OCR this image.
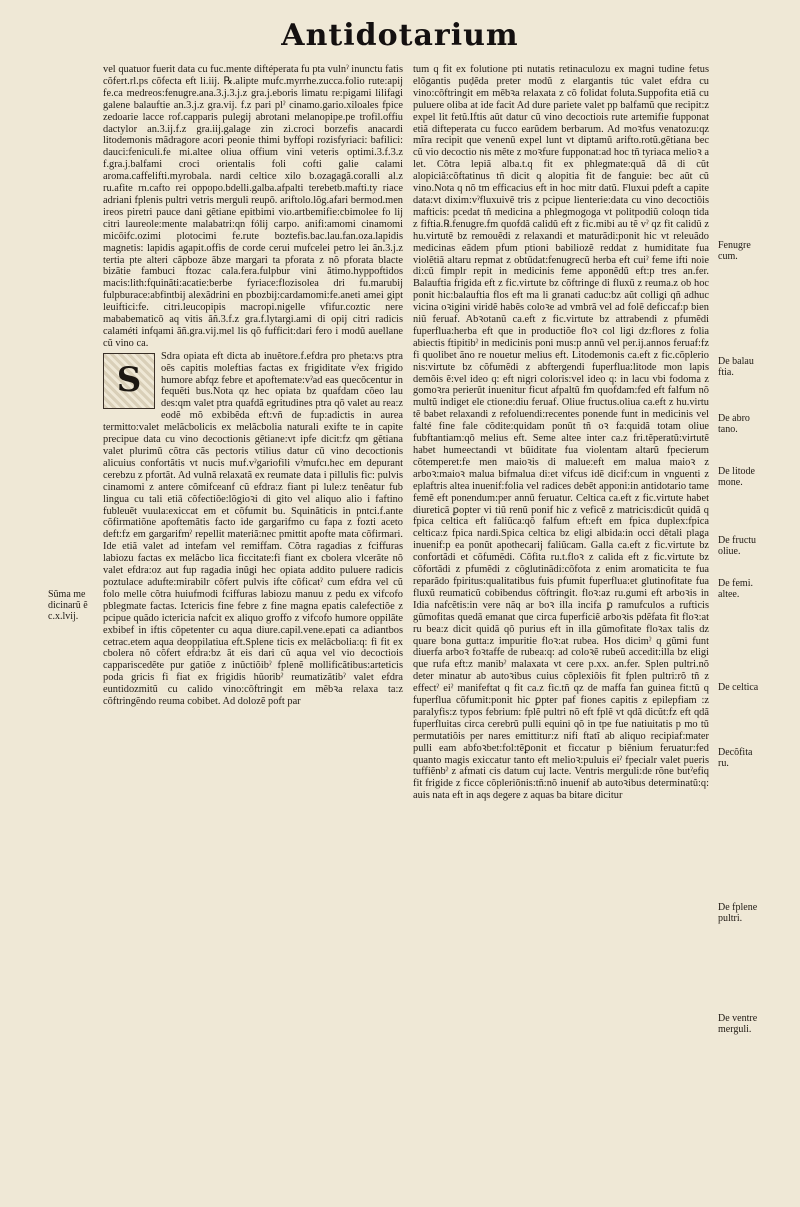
Antidotarium

vel quatuor fuerit data cu fuc.mente diftéperata fu pta vulnˀ inunctu fatis cõfert.rl.ps cõfecta eft li.iij. ℞.alipte mufc.myrrhe.zucca.folio rute:apij fe.ca medreos:fenugre.ana.3.j.3.j.z gra.j.eboris limatu re:pigami lilifagi galene balauftie an.3.j.z gra.vij. f.z pari plˀ cinamo.gario.xiloales fpice zedoarie lacce rof.capparis pulegij abrotani melanopipe.pe trofil.offiu dactylor an.3.ij.f.z gra.iij.galage zin zi.croci borzefis anacardi litodemonis mãdragore acori peonie thimi byffopi rozisfyriaci: bafilici: dauci:feniculi.fe mi.altee oliua offium vini veteris optimi.3.f.3.z f.gra.j.balfami croci orientalis foli cofti galie calami aroma.caffelifti.myrobala. nardi celtice xilo b.ozagagã.coralli al.z ru.afite rn.cafto rei oppopo.bdelli.galba.afpalti terebetb.mafti.ty riace adriani fplenis pultri vetris merguli reupõ. ariftolo.lõg.afari bermod.men ireos piretri pauce dani gẽtiane epitbimi vio.artbemifie:cbimolee fo lij citri laureole:mente malabatri:qn fólij carpo. anifi:amomi cinamomi micõifc.ozimi plotocimi fe.rute boztefis.bac.lau.fan.oza.lapidis magnetis: lapidis agapit.offis de corde cerui mufcelei petro lei ãn.3.j.z tertia pte alteri cãpboze ãbze margari ta pforata z nõ pforata blacte bizãtie fambuci ftozac cala.fera.fulpbur vini ãtimo.hyppoftidos macis:lith:fquinãti:acatie:berbe fyriace:flozisolea dri fu.marubij fulpburace:abfintbij alexãdrini en pbozbij:cardamomi:fe.aneti amei gipt leuiftici:fe. citri.leucopipis macropi.nigelle vfifur.coztic nere mababematicõ aq vitis ãñ.3.f.z gra.f.lytargi.ami di opij citri radicis calaméti infqami ãñ.gra.vij.mel lis qõ fufficit:dari fero i modũ auellane cũ vino ca.

S

Sdra opiata eft dicta ab inuẽtore.f.efdra pro pheta:vs ptra oẽs capitis moleftias factas ex frigiditate vˀex frigido humore abfqz febre et apoftemate:vˀad eas quecõcentur in fequẽti bus.Nota qz hec opiata bz quafdam cõeo lau des:qm valet ptra quafdã egritudines ptra qõ valet au rea:z eodẽ mõ exbibẽda eft:vñ de fup:adictis in aurea termitto:valet melãcbolicis ex melãcbolia naturali exifte te in capite precipue data cu vino decoctionis gẽtiane:vt ipfe dicit:fz qm gẽtiana valet plurimũ cõtra cãs pectoris vtilius datur cũ vino decoctionis alicuius confortãtis vt nucis muf.vˀgariofili vˀmufcı.hec em depurant cerebzu z pfortãt. Ad vulnã relaxatã ex reumate data i pillulis fic: pulvis cinamomi z antere cõmifceanf cũ efdra:z fiant pi lule:z tenẽatur fub lingua cu tali etiã cõfectiõe:lõgioꝛi di gito vel aliquo alio i faftino fubleuẽt vuula:exiccat em et cõfumit bu. Squinãticis in pntci.f.ante cõfirmatiõne apoftemãtis facto ide gargarifmo cu fapa z fozti aceto deft:fz em gargarifmˀ repellit materiã:nec pmittit apofte mata cõfirmari. Ide etiã valet ad intefam vel remiffam. Cõtra ragadias z fciffuras labiozu factas ex melãcbo lica ficcitate:fi fiant ex cbolera vlcerãte nõ valet efdra:oz aut fup ragadia inũgi hec opiata addito puluere radicis poztulace adufte:mirabilr cõfert pulvis ifte cõficatˀ cum efdra vel cũ folo melle cõtra huiufmodi fciffuras labiozu manuu z pedu ex vifcofo pblegmate factas. Ictericis fine febre z fine magna epatis calefectiõe z pcipue quãdo ictericia nafcit ex aliquo groffo z vifcofo humore oppilãte exbibef in iftis cõpetenter cu aqua diure.capil.vene.epati ca adiantbos cetrac.etem aqua deoppilatiua eft.Splene ticis ex melãcbolia:q: fi fit ex cbolera nõ cõfert efdra:bz ãt eis dari cũ aqua vel vio decoctiois cappariscedẽte pur gatiõe z inũctiõibˀ fplenẽ mollificãtibus:arteticis poda gricis fi fiat ex frigidis hũoribˀ reumatizãtibˀ valet efdra euntidozmitũ cu calido vino:cõftringit em mẽbꝛa relaxa ta:z cõftringẽndo reuma cobibet. Ad dolozẽ poft par

tum q fit ex folutione pti nutatis retinaculozu ex magni tudine fetus elõgantis puḍẽda preter modũ z elargantis túc valet efdra cu vino:cõftringit em mẽbꝛa relaxata z cõ folidat foluta.Suppofita etiã cu puluere oliba at ide facit Ad dure pariete valet pp balfamũ que recipit:z expel lit fetũ.Iftis aũt datur cũ vino decoctiois rute artemifie fupponat etiã difteperata cu fucco earũdem berbarum. Ad moꝛfus venatozu:qz mĩra recipit que venenũ expel lunt vt diptamũ arifto.rotũ.gẽtiana bec cũ vio decoctio nis mẽte z moꝛfure fupponat:ad hoc tñ tyriaca melioꝛ a let. Cõtra lepiã alba.t.q fit ex phlegmate:quã dã di cũt alopiciã:cõftatinus tñ dicit q alopitia fit de fanguie: bec aũt cũ vino.Nota q nõ tm efficacius eft in hoc mitr datũ. Fluxui pdeft a capite data:vt dixim:vˀfluxuivẽ tris z pcipue lienterie:data cu vino decoctiõis mafticis: pcedat tñ medicina a phlegmogoga vt politpodiũ coloqn tida z fiftia.℞.fenugre.fm quofdã calidũ eft z fic.mibi au tẽ vˀ qz fit calidũ z hu.virtutẽ bz remouẽdi z relaxandi et maturãdi:ponit hic vt releuãdo medicinas eãdem pfum ptioni babiliozẽ reddat z humiditate fua violẽtiã altaru repmat z obtũdat:fenugrecũ herba eft cuiˀ feme ifti noie di:cũ fimplr repit in medicinis feme apponẽdũ eft:p tres an.fer. Balauftia frigida eft z fic.virtute bz cõftringe di fluxũ z reuma.z ob hoc ponit hic:balauftia flos eft ma li granati caduc:bz aũt colligi qñ adhuc vicina oꝛigini viridẽ habẽs coloꝛe ad vmbrã vel ad folẽ deficcaf:p bien niũ feruaf. Abꝛotanũ ca.eft z fic.virtute bz attrabendi z pfumẽdi fuperflua:herba eft que in productiõe floꝛ col ligi dz:flores z folia abiectis ftipitibˀ in medicinis poni mus:p annũ vel per.ij.annos feruaf:fz fi quolibet ãno re nouetur melius eft. Litodemonis ca.eft z fic.cõplerio nis:virtute bz cõfumẽdi z abftergendi fuperflua:litode mon lapis demõis ẽ:vel ideo q: eft nigri coloris:vel ideo q: in lacu vbi fodoma z gomoꝛra perierũt inuenitur ficut afpaltũ fm quofdam:fed eft falfum nõ multũ indiget ele ctione:diu feruaf. Oliue fructus.oliua ca.eft z hu.virtu tẽ babet relaxandi z refoluendi:recentes ponende funt in medicinis vel falté fine fale cõdite:quidam ponũt tñ oꝛ fa:quidã totam oliue fubftantiam:qõ melius eft. Seme altee inter ca.z fri.tẽperatũ:virtutẽ habet humeectandi vt bũiditate fua violentam altarũ fpecierum cõtemperet:fe men maioꝛis di malue:eft em malua maioꝛ z arboꝛ:maioꝛ malua bifmalua di:et vifcus idẽ dicif:cum in vnguenti z eplaftris altea inuenif:folia vel radices debẽt apponi:in antidotario tame femẽ eft ponendum:per annũ feruatur. Celtica ca.eft z fic.virtute habet diureticã ꝑopter vi tiũ renũ ponif hic z veficẽ z matricis:dicũt quidã q fpica celtica eft faliũca:qõ falfum eft:eft em fpica duplex:fpica celtica:z fpica nardi.Spica celtica bz eligi albida:in occi dẽtali plaga inuenif:p ea ponũt apothecarij faliũcam. Galla ca.eft z fic.virtute bz confortãdi et cõfumẽdi. Cõfita ru.t.floꝛ z calida eft z fic.virtute bz cõfortãdi z pfumẽdi z cõglutinãdi:cõfota z enim aromaticita te fua reparãdo fpiritus:qualitatibus fuis pfumit fuperflua:et glutinofitate fua fluxũ reumaticũ cobibendus cõftringit. floꝛ:az ru.gumi eft arboꝛis in Idia nafcẽtis:in vere nãq ar boꝛ illa incifa ꝑ ramufculos a rufticis gũmofitas quedã emanat que circa fuperficiẽ arboꝛis pdẽfata fit floꝛ:at ru bea:z dicit quidã qõ purius eft in illa gũmofitate floꝛax talis dz quare bona gutta:z impuritie floꝛ:at rubea. Hos dicimˀ q gũmi funt diuerfa arboꝛ foꝛtaffe de rubea:q: ad coloꝛẽ rubeũ accedit:illa bz eligi que rufa eft:z manibˀ malaxata vt cere p.xx. an.fer. Splen pultri.nõ deter minatur ab autoꝛibus cuius cõplexiõis fit fplen pultri:rõ tñ z effectˀ eiˀ manifeftat q fit ca.z fic.tñ qz de maffa fan guinea fit:tũ q fuperflua cõfumit:ponit hic ꝑpter paf fiones capitis z epilepfiam :z paralyfis:z typos febrium: fplẽ pultri nõ eft fplẽ vt qdã dicũt:fz eft qdã fuperfluitas circa cerebrũ pulli equini qõ in tpe fue natiuitatis p mo tũ permutatiõis per nares emittitur:z nifi ftatĩ ab aliquo recipiaf:mater pulli eam abfoꝛbet:fol:tẽꝑonit et ficcatur p biẽnium feruatur:fed quanto magis exiccatur tanto eft melioꝛ:puluis eiˀ fpecialr valet pueris tuffiẽnbˀ z afmati cis datum cuj lacte. Ventris merguli:de rõne butˀefiq fit frigide z ficce cõpleriõnis:tñ:nõ inuenif ab autoꝛibus determinatũ:q: auis nata eft in aqs degere z aquas ba bitare dicitur

Sũma me
dicinarũ ẽ
c.x.lvij.
Fenugre
cum.
De balau
ftia.
De abro
tano.
De litode
mone.
De fructu
oliue.
De femi.
altee.
De celtica
Decõfita
ru.
De fplene
pultri.
De ventre
merguli.
